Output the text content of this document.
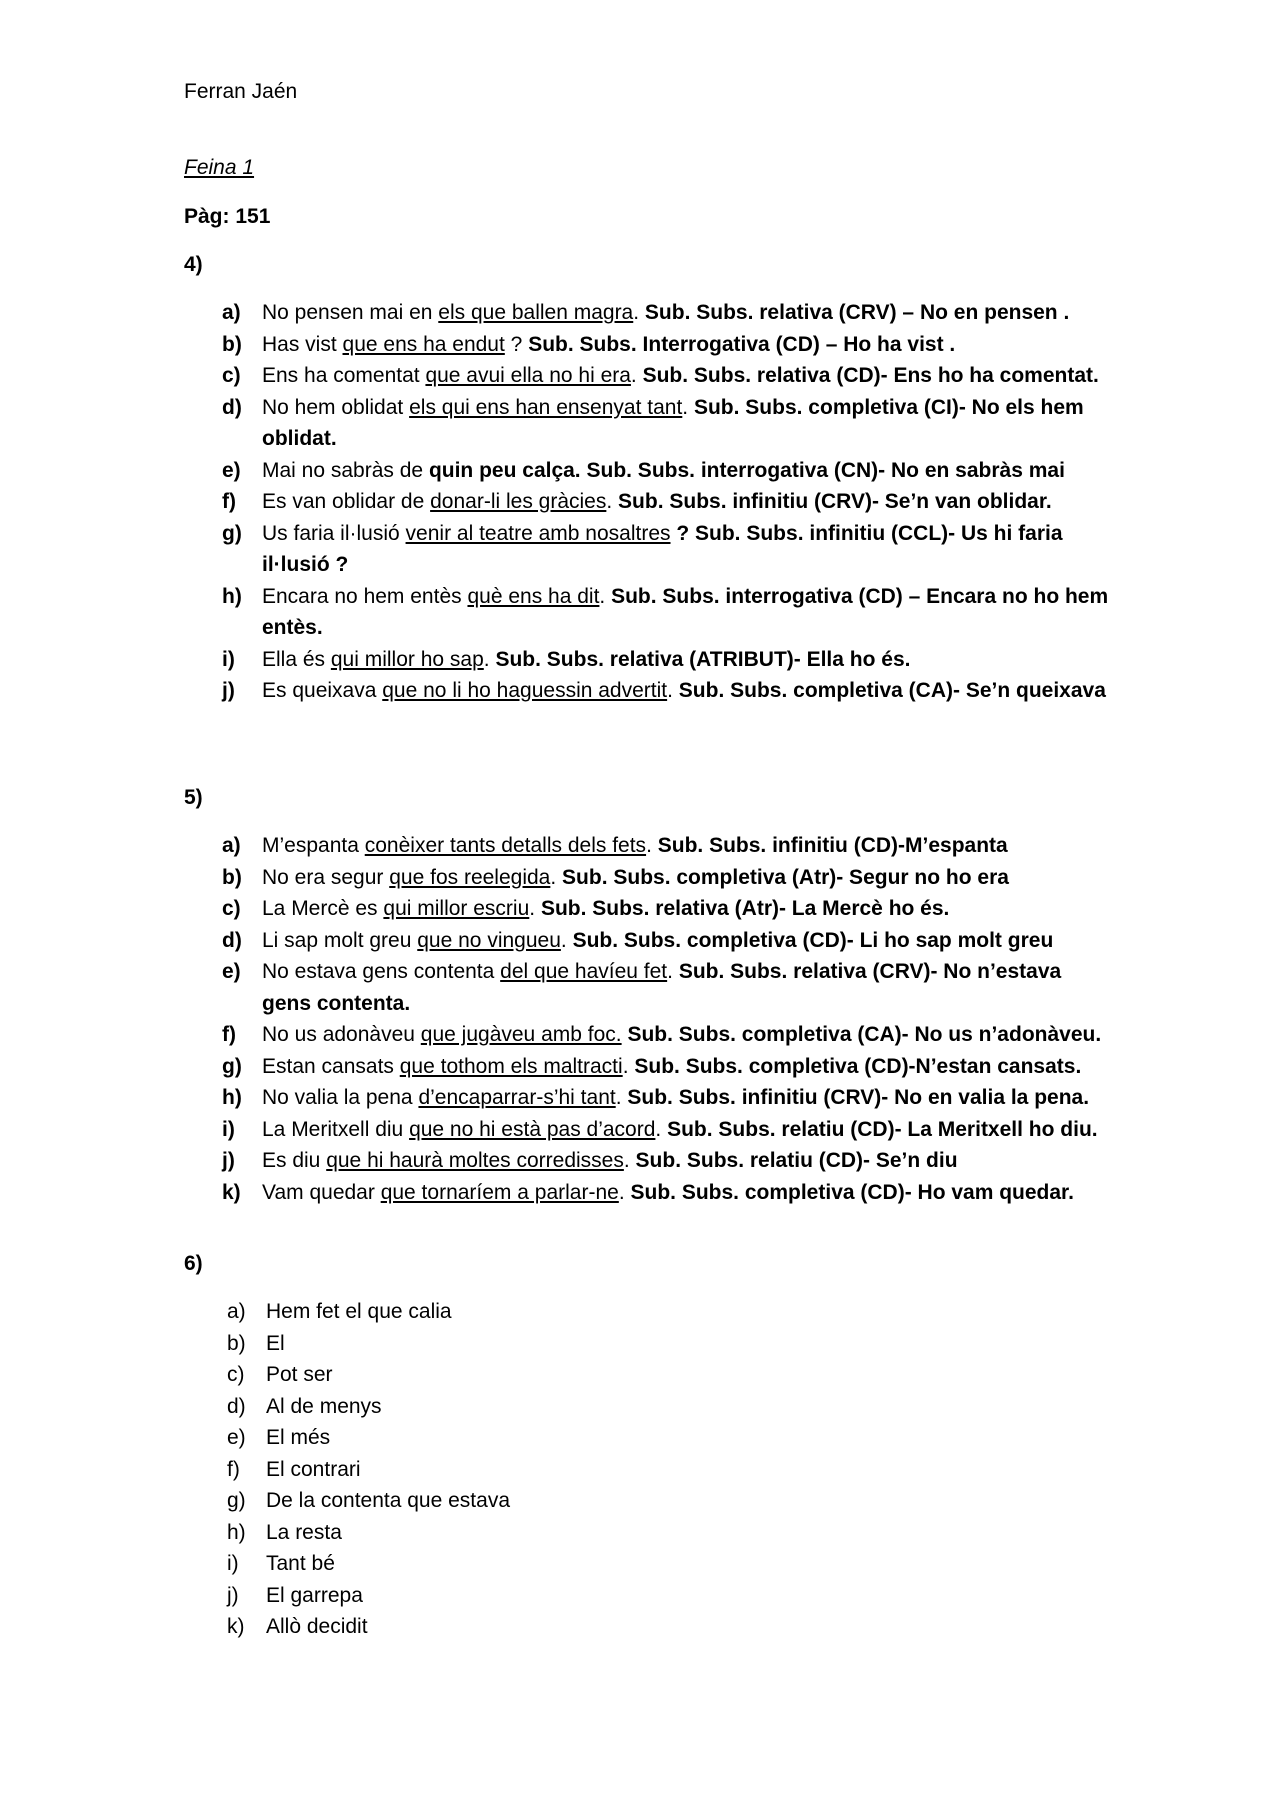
Ferran Jaén
Feina 1
Pàg: 151
4)
a) No pensen mai en els que ballen magra. Sub. Subs. relativa (CRV) – No en pensen .
b) Has vist que ens ha endut ? Sub. Subs. Interrogativa (CD) – Ho ha vist .
c) Ens ha comentat que avui ella no hi era. Sub. Subs. relativa (CD)- Ens ho ha comentat.
d) No hem oblidat els qui ens han ensenyat tant. Sub. Subs. completiva (CI)- No els hem oblidat.
e) Mai no sabràs de quin peu calça. Sub. Subs. interrogativa (CN)- No en sabràs mai
f) Es van oblidar de donar-li les gràcies. Sub. Subs. infinitiu (CRV)- Se’n van oblidar.
g) Us faria il·lusió venir al teatre amb nosaltres ? Sub. Subs. infinitiu (CCL)- Us hi faria il·lusió ?
h) Encara no hem entès què ens ha dit. Sub. Subs. interrogativa (CD) – Encara no ho hem entès.
i) Ella és qui millor ho sap. Sub. Subs. relativa (ATRIBUT)- Ella ho és.
j) Es queixava que no li ho haguessin advertit. Sub. Subs. completiva (CA)- Se’n queixava
5)
a) M’espanta conèixer tants detalls dels fets. Sub. Subs. infinitiu (CD)-M’espanta
b) No era segur que fos reelegida. Sub. Subs. completiva (Atr)- Segur no ho era
c) La Mercè es qui millor escriu. Sub. Subs. relativa (Atr)- La Mercè ho és.
d) Li sap molt greu que no vingueu. Sub. Subs. completiva (CD)- Li ho sap molt greu
e) No estava gens contenta del que havíeu fet. Sub. Subs. relativa (CRV)- No n’estava gens contenta.
f) No us adonàveu que jugàveu amb foc. Sub. Subs. completiva (CA)- No us n’adonàveu.
g) Estan cansats que tothom els maltracti. Sub. Subs. completiva (CD)-N’estan cansats.
h) No valia la pena d’encaparrar-s’hi tant. Sub. Subs. infinitiu (CRV)- No en valia la pena.
i) La Meritxell diu que no hi està pas d’acord. Sub. Subs. relatiu (CD)- La Meritxell ho diu.
j) Es diu que hi haurà moltes corredisses. Sub. Subs. relatiu (CD)- Se’n diu
k) Vam quedar que tornaríem a parlar-ne. Sub. Subs. completiva (CD)- Ho vam quedar.
6)
a) Hem fet el que calia
b) El
c) Pot ser
d) Al de menys
e) El més
f) El contrari
g) De la contenta que estava
h) La resta
i) Tant bé
j) El garrepa
k) Allò decidit
